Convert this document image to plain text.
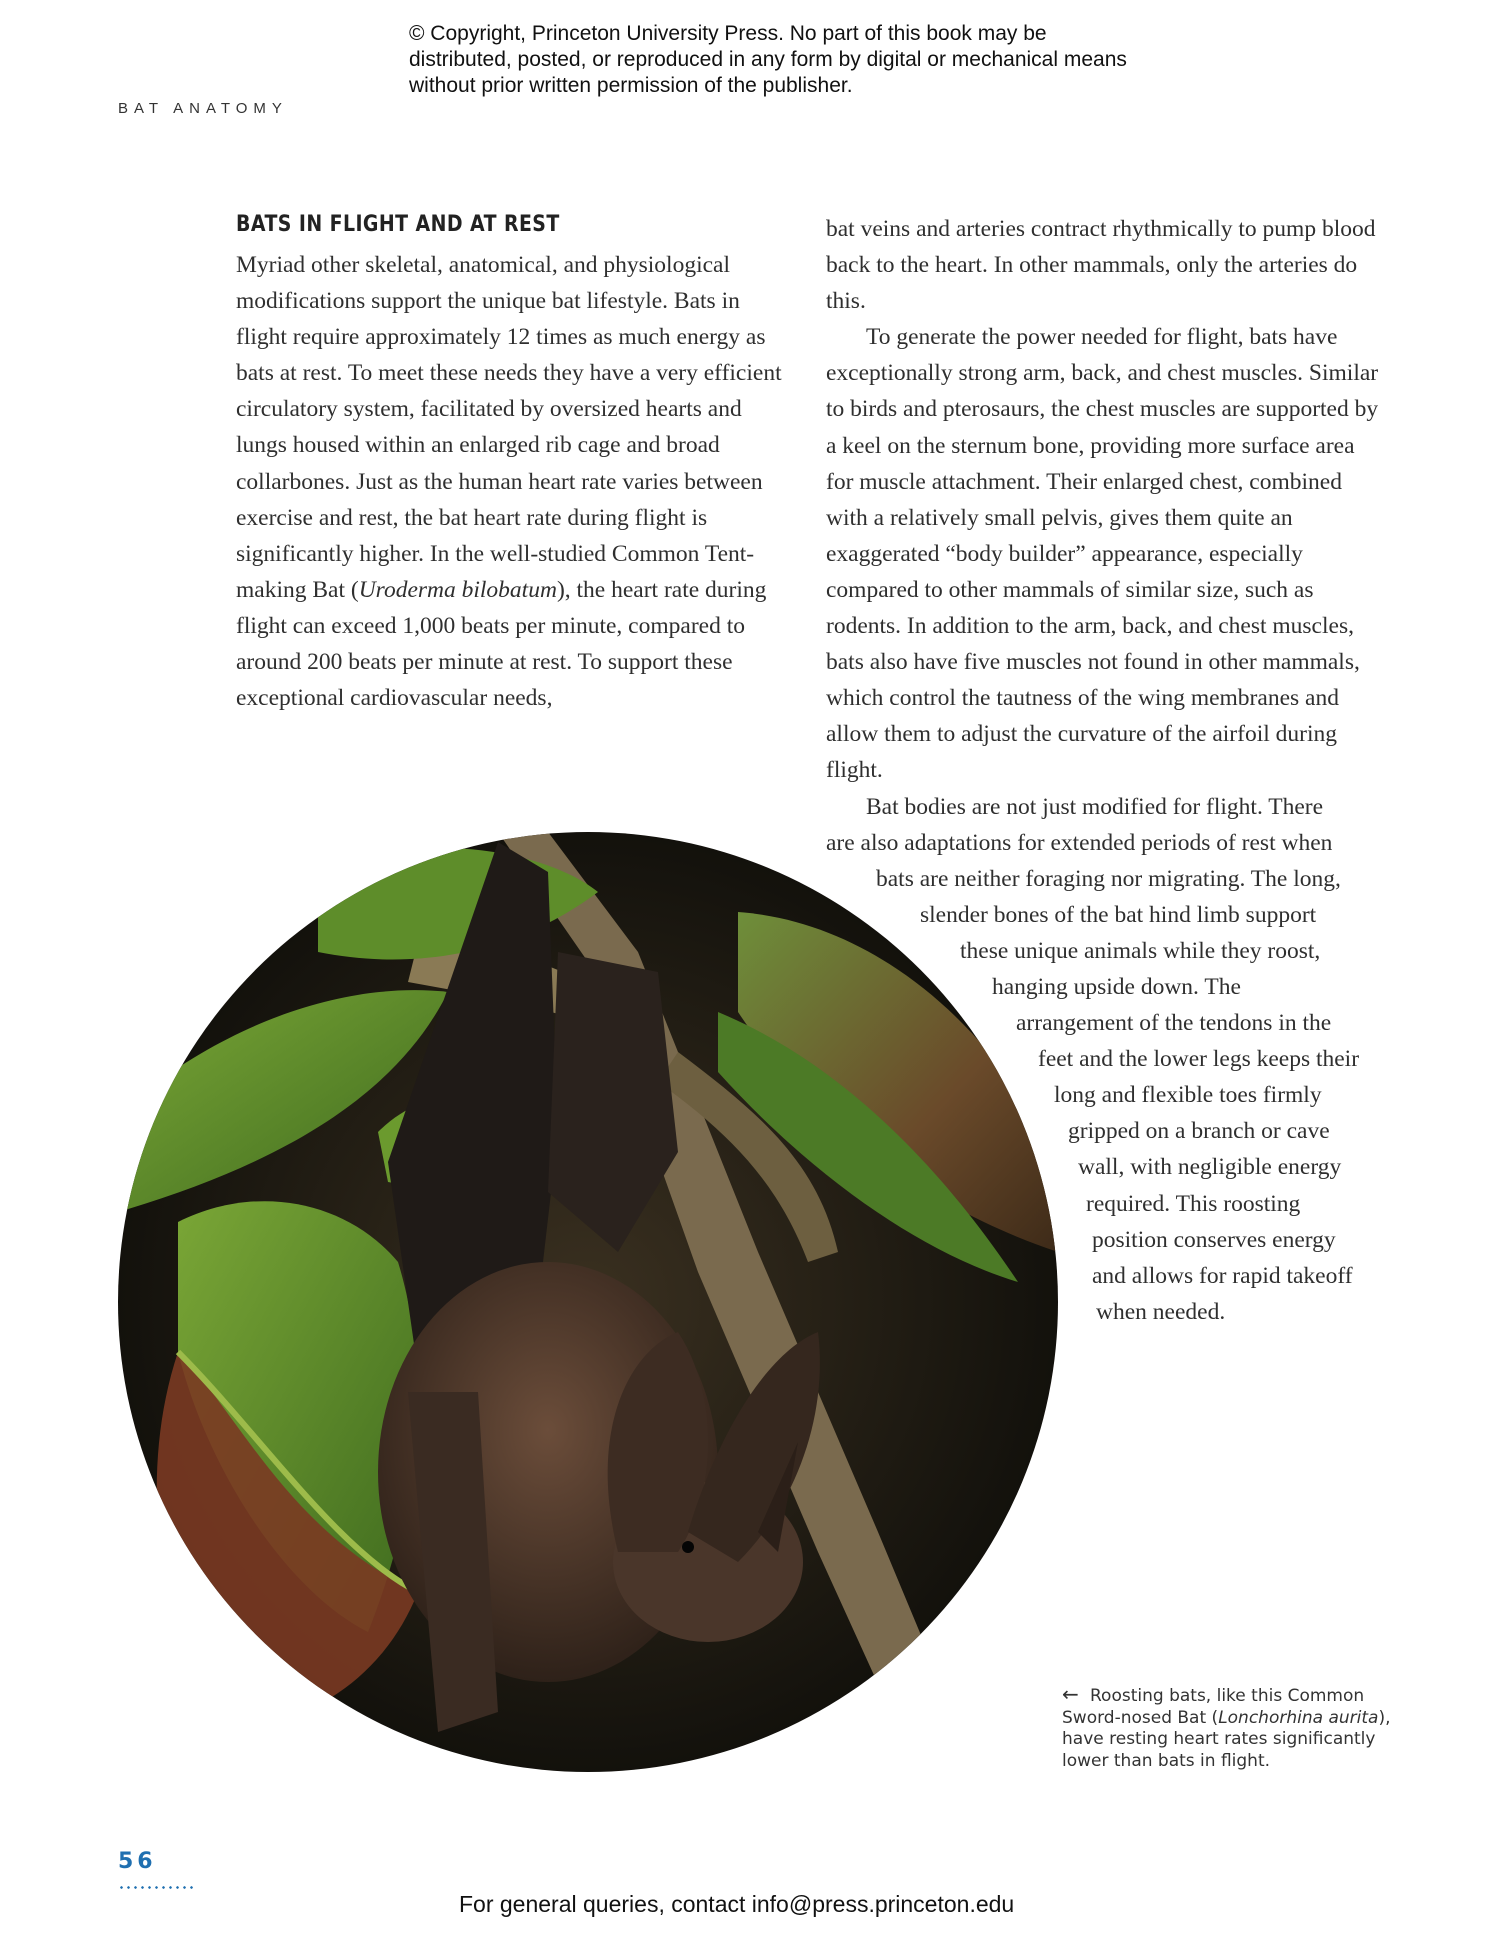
© Copyright, Princeton University Press. No part of this book may be distributed, posted, or reproduced in any form by digital or mechanical means without prior written permission of the publisher.
BAT ANATOMY
BATS IN FLIGHT AND AT REST

Myriad other skeletal, anatomical, and physiological modifications support the unique bat lifestyle. Bats in flight require approximately 12 times as much energy as bats at rest. To meet these needs they have a very efficient circulatory system, facilitated by oversized hearts and lungs housed within an enlarged rib cage and broad collarbones. Just as the human heart rate varies between exercise and rest, the bat heart rate during flight is significantly higher. In the well-studied Common Tent-making Bat (Uroderma bilobatum), the heart rate during flight can exceed 1,000 beats per minute, compared to around 200 beats per minute at rest. To support these exceptional cardiovascular needs,

bat veins and arteries contract rhythmically to pump blood back to the heart. In other mammals, only the arteries do this.

To generate the power needed for flight, bats have exceptionally strong arm, back, and chest muscles. Similar to birds and pterosaurs, the chest muscles are supported by a keel on the sternum bone, providing more surface area for muscle attachment. Their enlarged chest, combined with a relatively small pelvis, gives them quite an exaggerated “body builder” appearance, especially compared to other mammals of similar size, such as rodents. In addition to the arm, back, and chest muscles, bats also have five muscles not found in other mammals, which control the tautness of the wing membranes and allow them to adjust the curvature of the airfoil during flight.

Bat bodies are not just modified for flight. There
are also adaptations for extended periods of rest when
bats are neither foraging nor migrating. The long,
slender bones of the bat hind limb support
these unique animals while they roost,
hanging upside down. The
arrangement of the tendons in the
feet and the lower legs keeps their
long and flexible toes firmly
gripped on a branch or cave
wall, with negligible energy
required. This roosting
position conserves energy
and allows for rapid takeoff
when needed.

← Roosting bats, like this Common Sword-nosed Bat (Lonchorhina aurita), have resting heart rates significantly lower than bats in flight.
56
For general queries, contact info@press.princeton.edu
